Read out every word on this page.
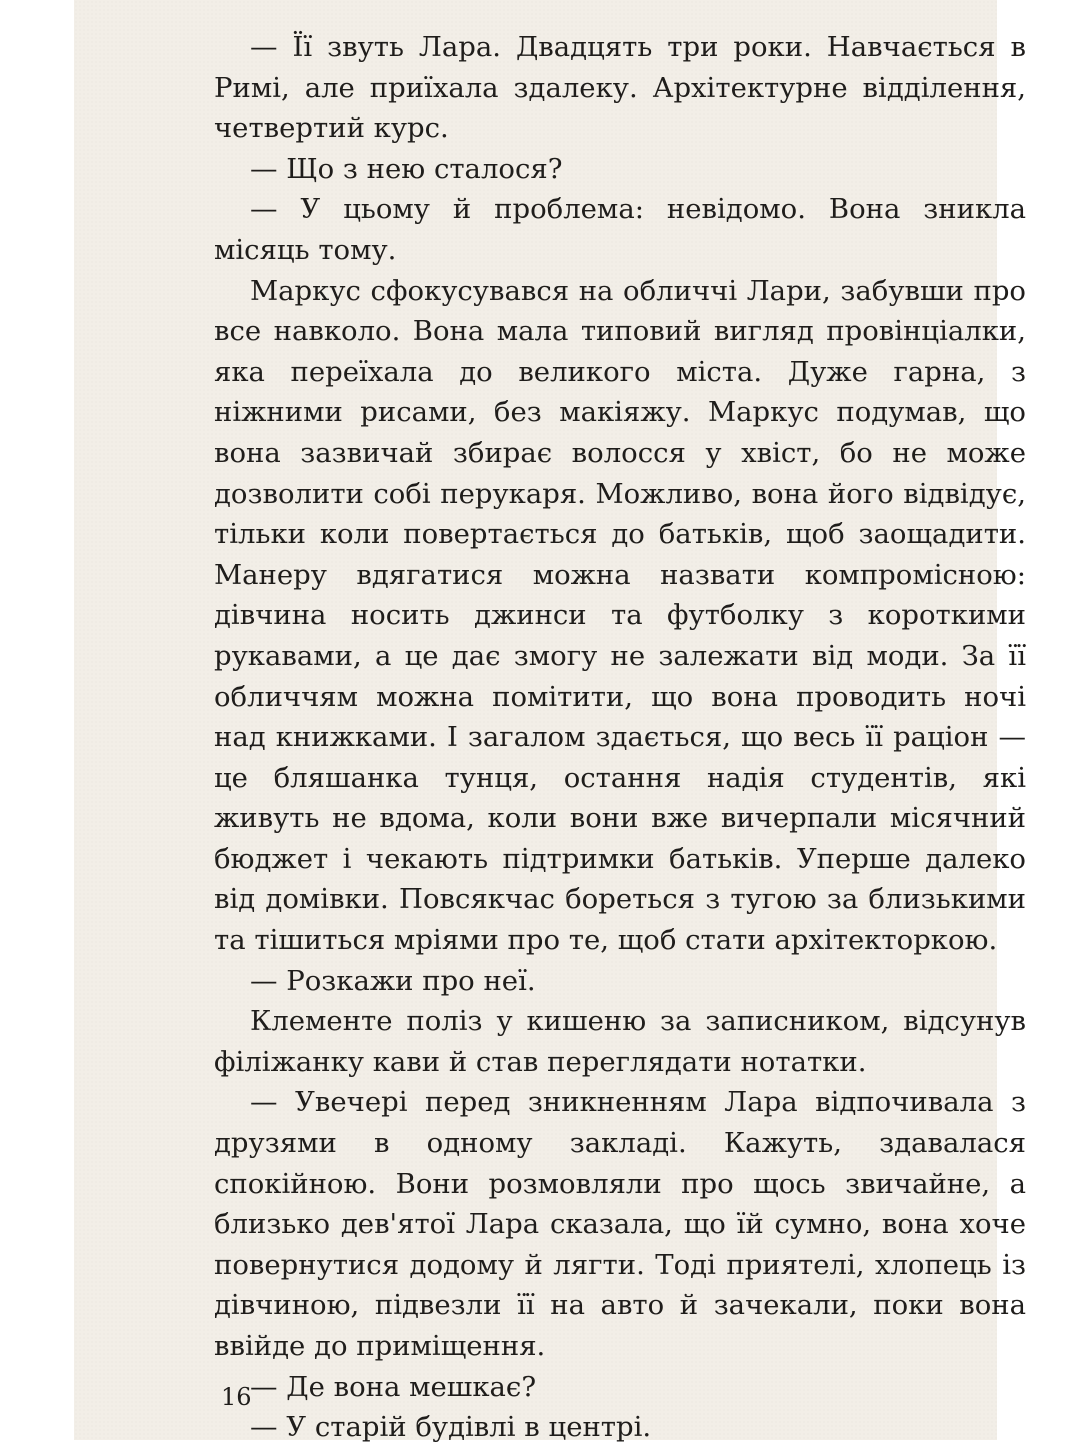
— Її звуть Лара. Двадцять три роки. Навчається в Римі, але приїхала здалеку. Архітектурне відділення, четвертий курс.

— Що з нею сталося?

— У цьому й проблема: невідомо. Вона зникла місяць тому.

Маркус сфокусувався на обличчі Лари, забувши про все навколо. Вона мала типовий вигляд провінціалки, яка переїхала до великого міста. Дуже гарна, з ніжними рисами, без макіяжу. Маркус подумав, що вона зазвичай збирає волосся у хвіст, бо не може дозволити собі перукаря. Можливо, вона його відвідує, тільки коли повертається до батьків, щоб заощадити. Манеру вдягатися можна назвати компромісною: дівчина носить джинси та футболку з короткими рукавами, а це дає змогу не залежати від моди. За її обличчям можна помітити, що вона проводить ночі над книжками. І загалом здається, що весь її раціон — це бляшанка тунця, остання надія студентів, які живуть не вдома, коли вони вже вичерпали місячний бюджет і чекають підтримки батьків. Уперше далеко від домівки. Повсякчас бореться з тугою за близькими та тішиться мріями про те, щоб стати архітекторкою.

— Розкажи про неї.

Клементе поліз у кишеню за записником, відсунув філіжанку кави й став переглядати нотатки.

— Увечері перед зникненням Лара відпочивала з друзями в одному закладі. Кажуть, здавалася спокійною. Вони розмовляли про щось звичайне, а близько дев'ятої Лара сказала, що їй сумно, вона хоче повернутися додому й лягти. Тоді приятелі, хлопець із дівчиною, підвезли її на авто й зачекали, поки вона ввійде до приміщення.

— Де вона мешкає?

— У старій будівлі в центрі.

16
